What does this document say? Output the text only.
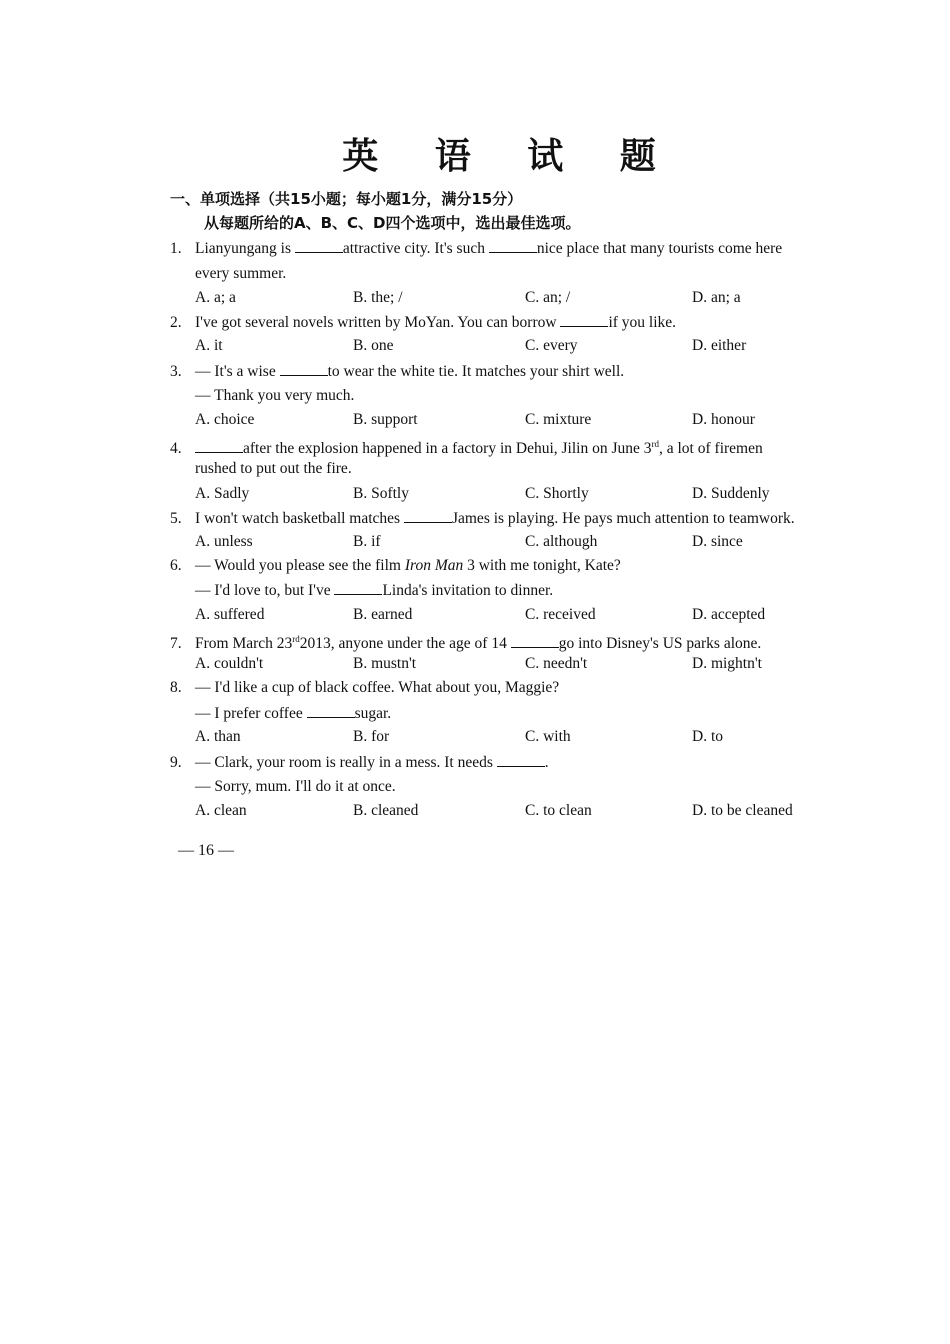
英 语 试 题
一、单项选择（共15小题；每小题1分，满分15分）
从每题所给的A、B、C、D四个选项中，选出最佳选项。
1. Lianyungang is	attractive city. It's such	nice place that many tourists come here
every summer.
A. a; a	B. the; /	C. an; /	D. an; a
2. I've got several novels written by MoYan. You can borrow	if you like.
A. it	B. one	C. every	D. either
3. — It's a wise	to wear the white tie. It matches your shirt well.
— Thank you very much.
A. choice	B. support	C. mixture	D. honour
4.	after the explosion happened in a factory in Dehui, Jilin on June 3rd, a lot of firemen
rushed to put out the fire.
A. Sadly	B. Softly	C. Shortly	D. Suddenly
5. I won't watch basketball matches	James is playing. He pays much attention to teamwork.
A. unless	B. if	C. although	D. since
6. — Would you please see the film Iron Man 3 with me tonight, Kate?
— I'd love to, but I've	Linda's invitation to dinner.
A. suffered	B. earned	C. received	D. accepted
7. From March 23rd2013, anyone under the age of 14	go into Disney's US parks alone.
A. couldn't	B. mustn't	C. needn't	D. mightn't
8. — I'd like a cup of black coffee. What about you, Maggie?
— I prefer coffee	sugar.
A. than	B. for	C. with	D. to
9. — Clark, your room is really in a mess. It needs	.
— Sorry, mum. I'll do it at once.
A. clean	B. cleaned	C. to clean	D. to be cleaned
— 16 —
